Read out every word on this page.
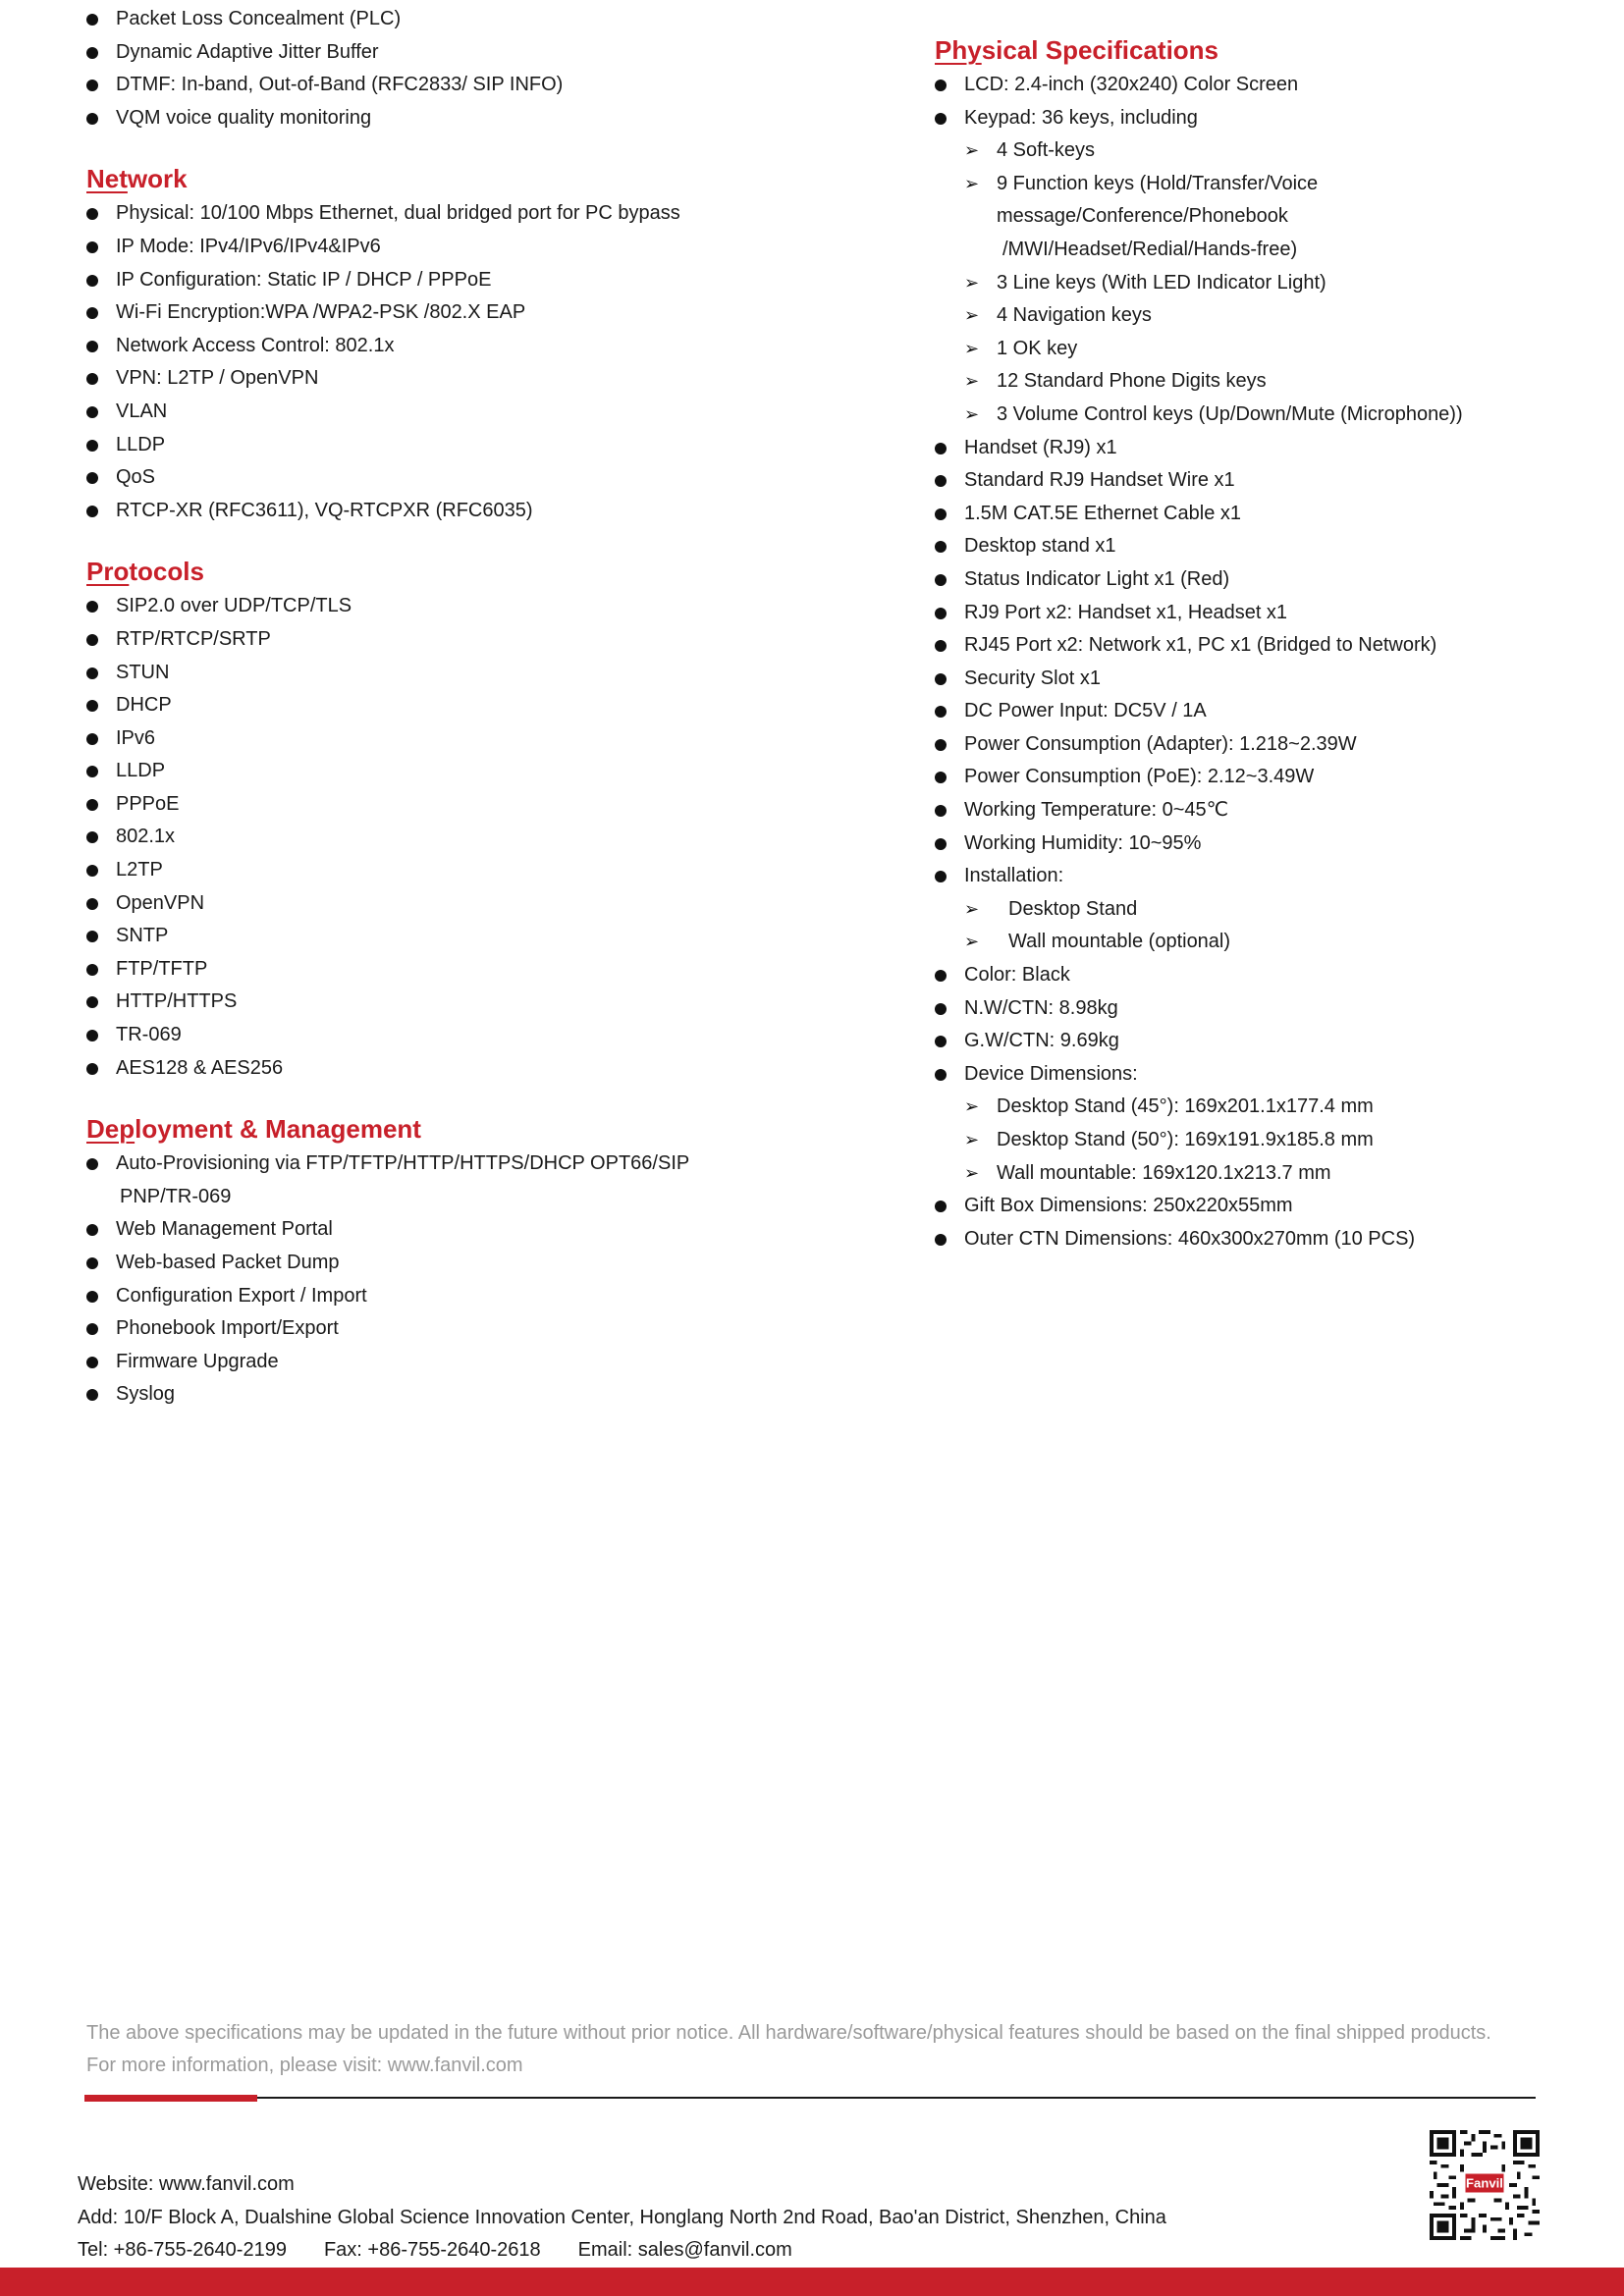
Packet Loss Concealment (PLC)
Dynamic Adaptive Jitter Buffer
DTMF: In-band, Out-of-Band (RFC2833/ SIP INFO)
VQM voice quality monitoring
Network
Physical: 10/100 Mbps Ethernet, dual bridged port for PC bypass
IP Mode: IPv4/IPv6/IPv4&IPv6
IP Configuration: Static IP / DHCP / PPPoE
Wi-Fi Encryption:WPA /WPA2-PSK /802.X EAP
Network Access Control: 802.1x
VPN: L2TP / OpenVPN
VLAN
LLDP
QoS
RTCP-XR (RFC3611), VQ-RTCPXR (RFC6035)
Protocols
SIP2.0 over UDP/TCP/TLS
RTP/RTCP/SRTP
STUN
DHCP
IPv6
LLDP
PPPoE
802.1x
L2TP
OpenVPN
SNTP
FTP/TFTP
HTTP/HTTPS
TR-069
AES128 & AES256
Deployment & Management
Auto-Provisioning via FTP/TFTP/HTTP/HTTPS/DHCP OPT66/SIP
PNP/TR-069
Web Management Portal
Web-based Packet Dump
Configuration Export / Import
Phonebook Import/Export
Firmware Upgrade
Syslog
Physical Specifications
LCD: 2.4-inch (320x240) Color Screen
Keypad: 36 keys, including
➢ 4 Soft-keys
➢ 9 Function keys (Hold/Transfer/Voice
message/Conference/Phonebook
/MWI/Headset/Redial/Hands-free)
➢ 3 Line keys (With LED Indicator Light)
➢ 4 Navigation keys
➢ 1 OK key
➢ 12 Standard Phone Digits keys
➢ 3 Volume Control keys (Up/Down/Mute (Microphone))
Handset (RJ9) x1
Standard RJ9 Handset Wire x1
1.5M CAT.5E Ethernet Cable x1
Desktop stand x1
Status Indicator Light x1 (Red)
RJ9 Port x2: Handset x1, Headset x1
RJ45 Port x2: Network x1, PC x1 (Bridged to Network)
Security Slot x1
DC Power Input: DC5V / 1A
Power Consumption (Adapter): 1.218~2.39W
Power Consumption (PoE): 2.12~3.49W
Working Temperature: 0~45℃
Working Humidity: 10~95%
Installation:
➢ Desktop Stand
➢ Wall mountable (optional)
Color: Black
N.W/CTN: 8.98kg
G.W/CTN: 9.69kg
Device Dimensions:
➢ Desktop Stand (45°): 169x201.1x177.4 mm
➢ Desktop Stand (50°): 169x191.9x185.8 mm
➢ Wall mountable: 169x120.1x213.7 mm
Gift Box Dimensions: 250x220x55mm
Outer CTN Dimensions: 460x300x270mm (10 PCS)
The above specifications may be updated in the future without prior notice. All hardware/software/physical features should be based on the final shipped products.
For more information, please visit: www.fanvil.com
Website: www.fanvil.com
Add: 10/F Block A, Dualshine Global Science Innovation Center, Honglang North 2nd Road, Bao'an District, Shenzhen, China
Tel: +86-755-2640-2199 Fax: +86-755-2640-2618 Email: sales@fanvil.com
Fanvil
